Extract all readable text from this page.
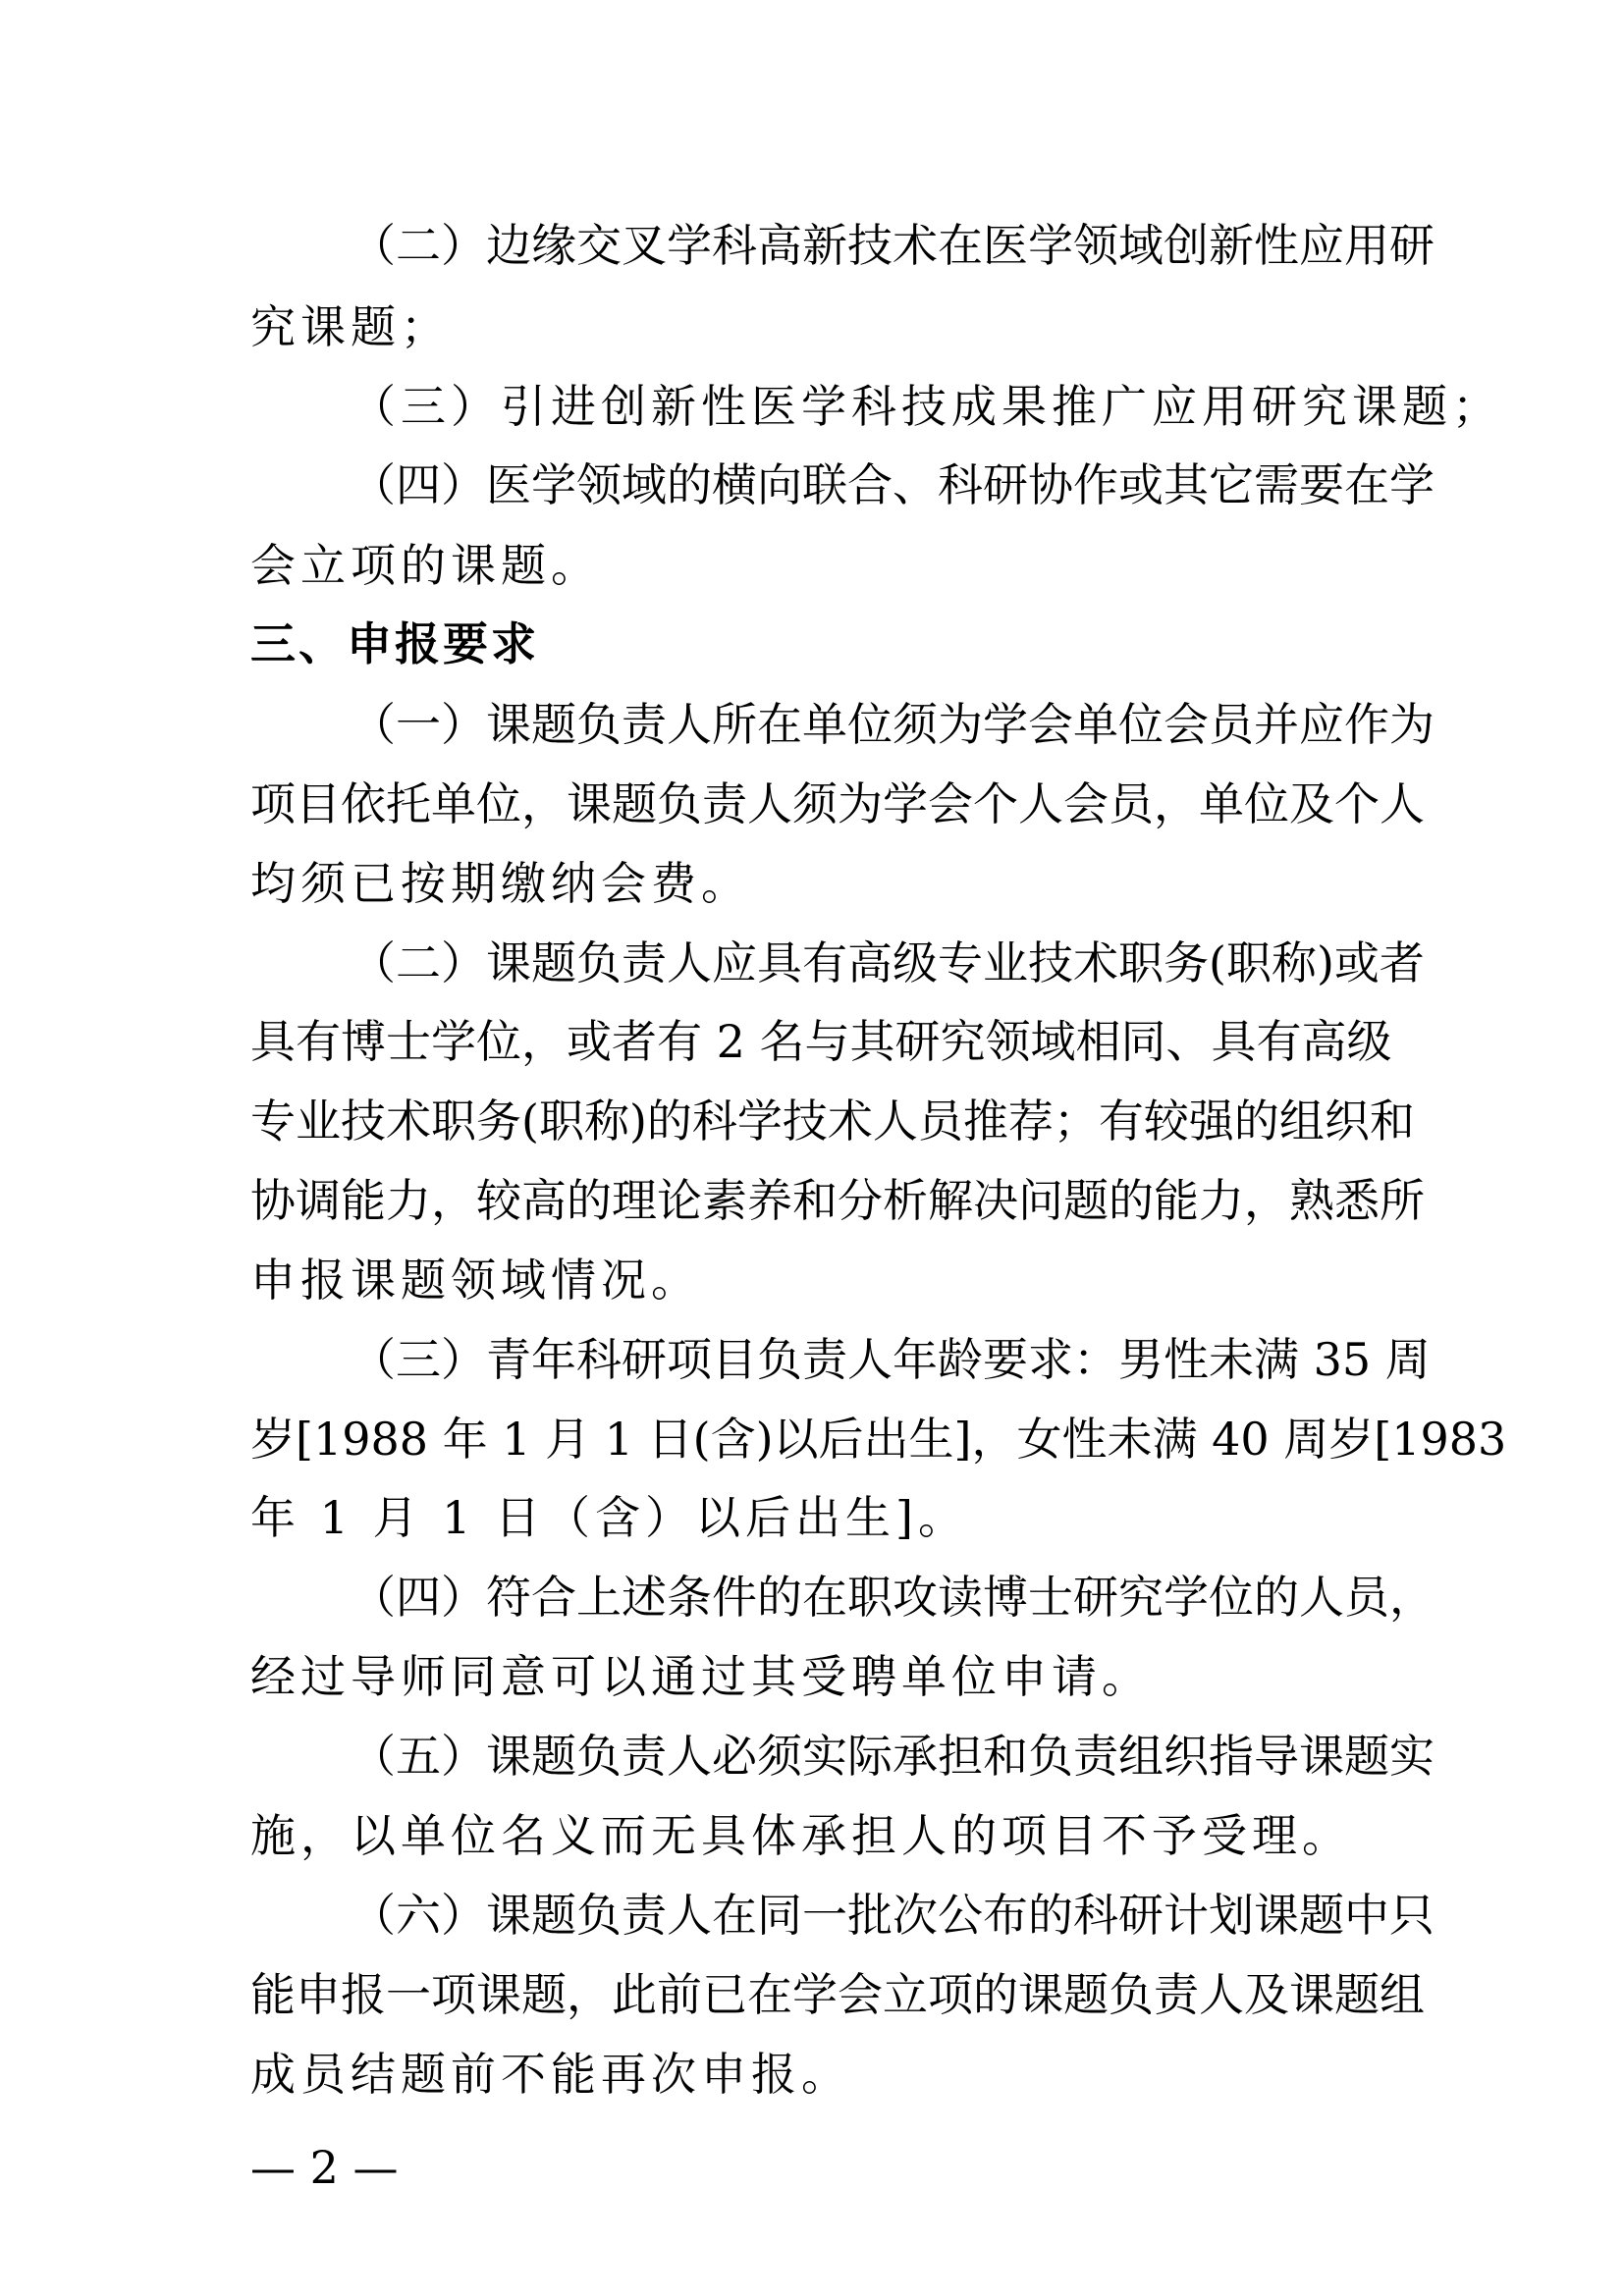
（二）边缘交叉学科高新技术在医学领域创新性应用研
究课题；
（三）引进创新性医学科技成果推广应用研究课题；
（四）医学领域的横向联合、科研协作或其它需要在学
会立项的课题。
三、申报要求
（一）课题负责人所在单位须为学会单位会员并应作为
项目依托单位，课题负责人须为学会个人会员，单位及个人
均须已按期缴纳会费。
（二）课题负责人应具有高级专业技术职务(职称)或者
具有博士学位，或者有 2 名与其研究领域相同、具有高级
专业技术职务(职称)的科学技术人员推荐；有较强的组织和
协调能力，较高的理论素养和分析解决问题的能力，熟悉所
申报课题领域情况。
（三）青年科研项目负责人年龄要求：男性未满 35 周
岁[1988 年 1 月 1 日(含)以后出生]，女性未满 40 周岁[1983
年 1 月 1 日（含）以后出生]。
（四）符合上述条件的在职攻读博士研究学位的人员，
经过导师同意可以通过其受聘单位申请。
（五）课题负责人必须实际承担和负责组织指导课题实
施，以单位名义而无具体承担人的项目不予受理。
（六）课题负责人在同一批次公布的科研计划课题中只
能申报一项课题，此前已在学会立项的课题负责人及课题组
成员结题前不能再次申报。
— 2 —
